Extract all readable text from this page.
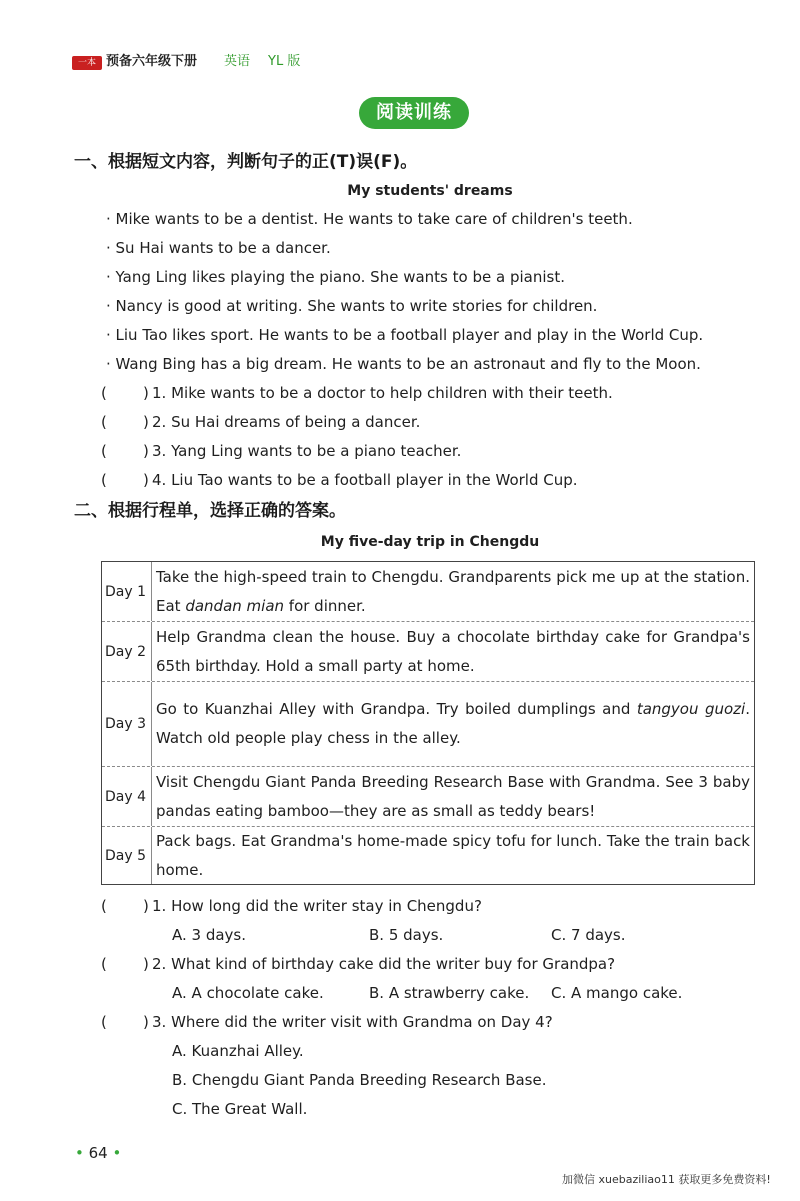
一本 预备六年级下册 英语 YL 版
阅读训练
一、根据短文内容，判断句子的正(T)误(F)。
My students' dreams
· Mike wants to be a dentist. He wants to take care of children's teeth.
· Su Hai wants to be a dancer.
· Yang Ling likes playing the piano. She wants to be a pianist.
· Nancy is good at writing. She wants to write stories for children.
· Liu Tao likes sport. He wants to be a football player and play in the World Cup.
· Wang Bing has a big dream. He wants to be an astronaut and fly to the Moon.
( ) 1. Mike wants to be a doctor to help children with their teeth.
( ) 2. Su Hai dreams of being a dancer.
( ) 3. Yang Ling wants to be a piano teacher.
( ) 4. Liu Tao wants to be a football player in the World Cup.
二、根据行程单，选择正确的答案。
My five-day trip in Chengdu
Day 1
Take the high-speed train to Chengdu. Grandparents pick me up at the station. Eat dandan mian for dinner.
Day 2
Help Grandma clean the house. Buy a chocolate birthday cake for Grandpa's 65th birthday. Hold a small party at home.
Day 3
Go to Kuanzhai Alley with Grandpa. Try boiled dumplings and tangyou guozi. Watch old people play chess in the alley.
Day 4
Visit Chengdu Giant Panda Breeding Research Base with Grandma. See 3 baby pandas eating bamboo—they are as small as teddy bears!
Day 5
Pack bags. Eat Grandma's home-made spicy tofu for lunch. Take the train back home.
( ) 1. How long did the writer stay in Chengdu?
A. 3 days.	B. 5 days.	C. 7 days.
( ) 2. What kind of birthday cake did the writer buy for Grandpa?
A. A chocolate cake.	B. A strawberry cake. C. A mango cake.
( ) 3. Where did the writer visit with Grandma on Day 4?
A. Kuanzhai Alley.
B. Chengdu Giant Panda Breeding Research Base.
C. The Great Wall.
• 64 •
加微信 xuebaziliao11 获取更多免费资料!
